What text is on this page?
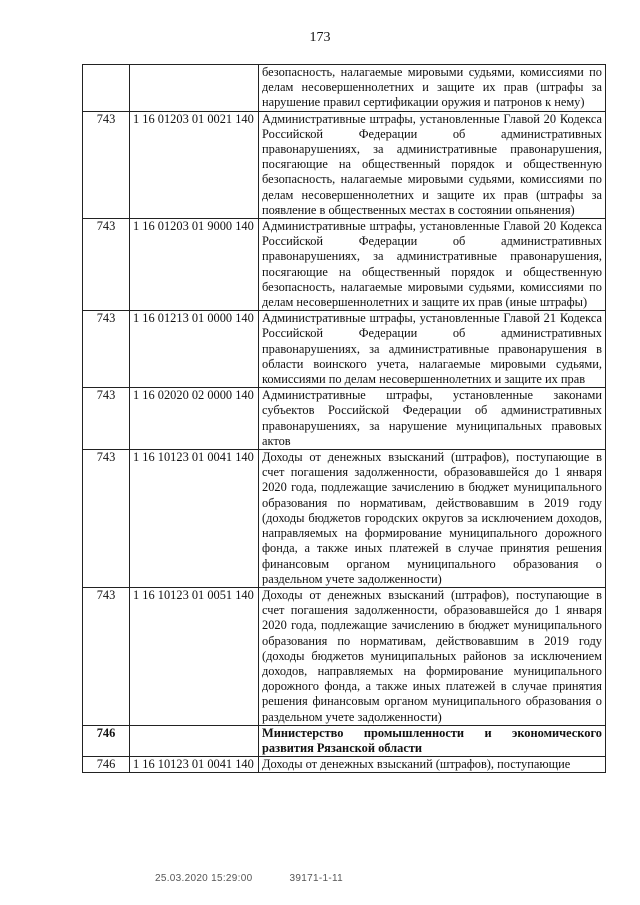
173
		безопасность, налагаемые мировыми судьями, комиссиями по делам несовершеннолетних и защите их прав (штрафы за нарушение правил сертификации оружия и патронов к нему)
743	1 16 01203 01 0021 140	Административные штрафы, установленные Главой 20 Кодекса Российской Федерации об административных правонарушениях, за административные правонарушения, посягающие на общественный порядок и общественную безопасность, налагаемые мировыми судьями, комиссиями по делам несовершеннолетних и защите их прав (штрафы за появление в общественных местах в состоянии опьянения)
743	1 16 01203 01 9000 140	Административные штрафы, установленные Главой 20 Кодекса Российской Федерации об административных правонарушениях, за административные правонарушения, посягающие на общественный порядок и общественную безопасность, налагаемые мировыми судьями, комиссиями по делам несовершеннолетних и защите их прав (иные штрафы)
743	1 16 01213 01 0000 140	Административные штрафы, установленные Главой 21 Кодекса Российской Федерации об административных правонарушениях, за административные правонарушения в области воинского учета, налагаемые мировыми судьями, комиссиями по делам несовершеннолетних и защите их прав
743	1 16 02020 02 0000 140	Административные штрафы, установленные законами субъектов Российской Федерации об административных правонарушениях, за нарушение муниципальных правовых актов
743	1 16 10123 01 0041 140	Доходы от денежных взысканий (штрафов), поступающие в счет погашения задолженности, образовавшейся до 1 января 2020 года, подлежащие зачислению в бюджет муниципального образования по нормативам, действовавшим в 2019 году (доходы бюджетов городских округов за исключением доходов, направляемых на формирование муниципального дорожного фонда, а также иных платежей в случае принятия решения финансовым органом муниципального образования о раздельном учете задолженности)
743	1 16 10123 01 0051 140	Доходы от денежных взысканий (штрафов), поступающие в счет погашения задолженности, образовавшейся до 1 января 2020 года, подлежащие зачислению в бюджет муниципального образования по нормативам, действовавшим в 2019 году (доходы бюджетов муниципальных районов за исключением доходов, направляемых на формирование муниципального дорожного фонда, а также иных платежей в случае принятия решения финансовым органом муниципального образования о раздельном учете задолженности)
746		Министерство промышленности и экономического развития Рязанской области
746	1 16 10123 01 0041 140	Доходы от денежных взысканий (штрафов), поступающие
25.03.2020 15:29:00	39171-1-11
